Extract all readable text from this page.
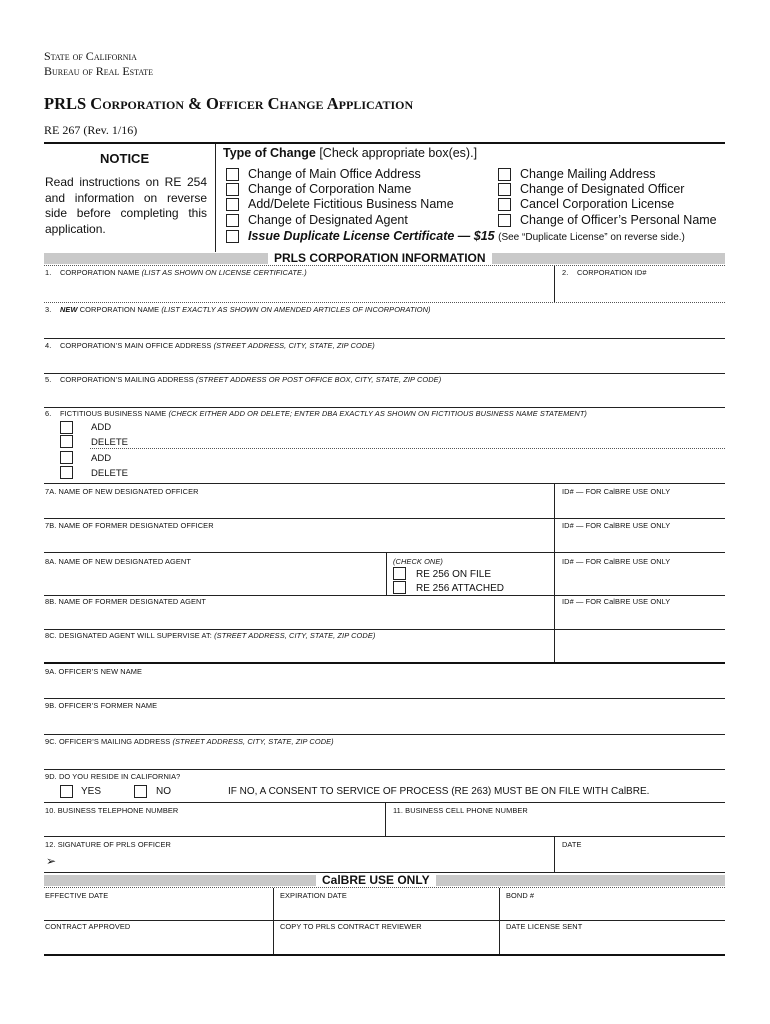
State of California
Bureau of Real Estate
PRLS Corporation & Officer Change Application
RE 267 (Rev. 1/16)
NOTICE
Read instructions on RE 254 and information on reverse side before completing this application.
Type of Change [Check appropriate box(es).]
Change of Main Office Address
Change of Corporation Name
Add/Delete Fictitious Business Name
Change of Designated Agent
Change Mailing Address
Change of Designated Officer
Cancel Corporation License
Change of Officer’s Personal Name
Issue Duplicate License Certificate — $15 (See “Duplicate License” on reverse side.)
PRLS CORPORATION INFORMATION
1. CORPORATION NAME (LIST AS SHOWN ON LICENSE CERTIFICATE.)	2. CORPORATION ID#
3. NEW CORPORATION NAME (LIST EXACTLY AS SHOWN ON AMENDED ARTICLES OF INCORPORATION)
4. CORPORATION’S MAIN OFFICE ADDRESS (STREET ADDRESS, CITY, STATE, ZIP CODE)
5. CORPORATION’S MAILING ADDRESS (STREET ADDRESS OR POST OFFICE BOX, CITY, STATE, ZIP CODE)
6. FICTITIOUS BUSINESS NAME (CHECK EITHER ADD OR DELETE; ENTER DBA EXACTLY AS SHOWN ON FICTITIOUS BUSINESS NAME STATEMENT)
ADD
DELETE
ADD
DELETE
7A. NAME OF NEW DESIGNATED OFFICER	ID# — FOR CalBRE USE ONLY
7B. NAME OF FORMER DESIGNATED OFFICER	ID# — FOR CalBRE USE ONLY
8A. NAME OF NEW DESIGNATED AGENT	(CHECK ONE)
RE 256 ON FILE
RE 256 ATTACHED
ID# — FOR CalBRE USE ONLY
8B. NAME OF FORMER DESIGNATED AGENT	ID# — FOR CalBRE USE ONLY
8C. DESIGNATED AGENT WILL SUPERVISE AT: (STREET ADDRESS, CITY, STATE, ZIP CODE)
9A. OFFICER’S NEW NAME
9B. OFFICER’S FORMER NAME
9C. OFFICER’S MAILING ADDRESS (STREET ADDRESS, CITY, STATE, ZIP CODE)
9D. DO YOU RESIDE IN CALIFORNIA?
YES	NO	IF NO, A CONSENT TO SERVICE OF PROCESS (RE 263) MUST BE ON FILE WITH CalBRE.
10. BUSINESS TELEPHONE NUMBER	11. BUSINESS CELL PHONE NUMBER
12. SIGNATURE OF PRLS OFFICER
➢
DATE
CalBRE USE ONLY
EFFECTIVE DATE	EXPIRATION DATE	BOND #
CONTRACT APPROVED	COPY TO PRLS CONTRACT REVIEWER	DATE LICENSE SENT
